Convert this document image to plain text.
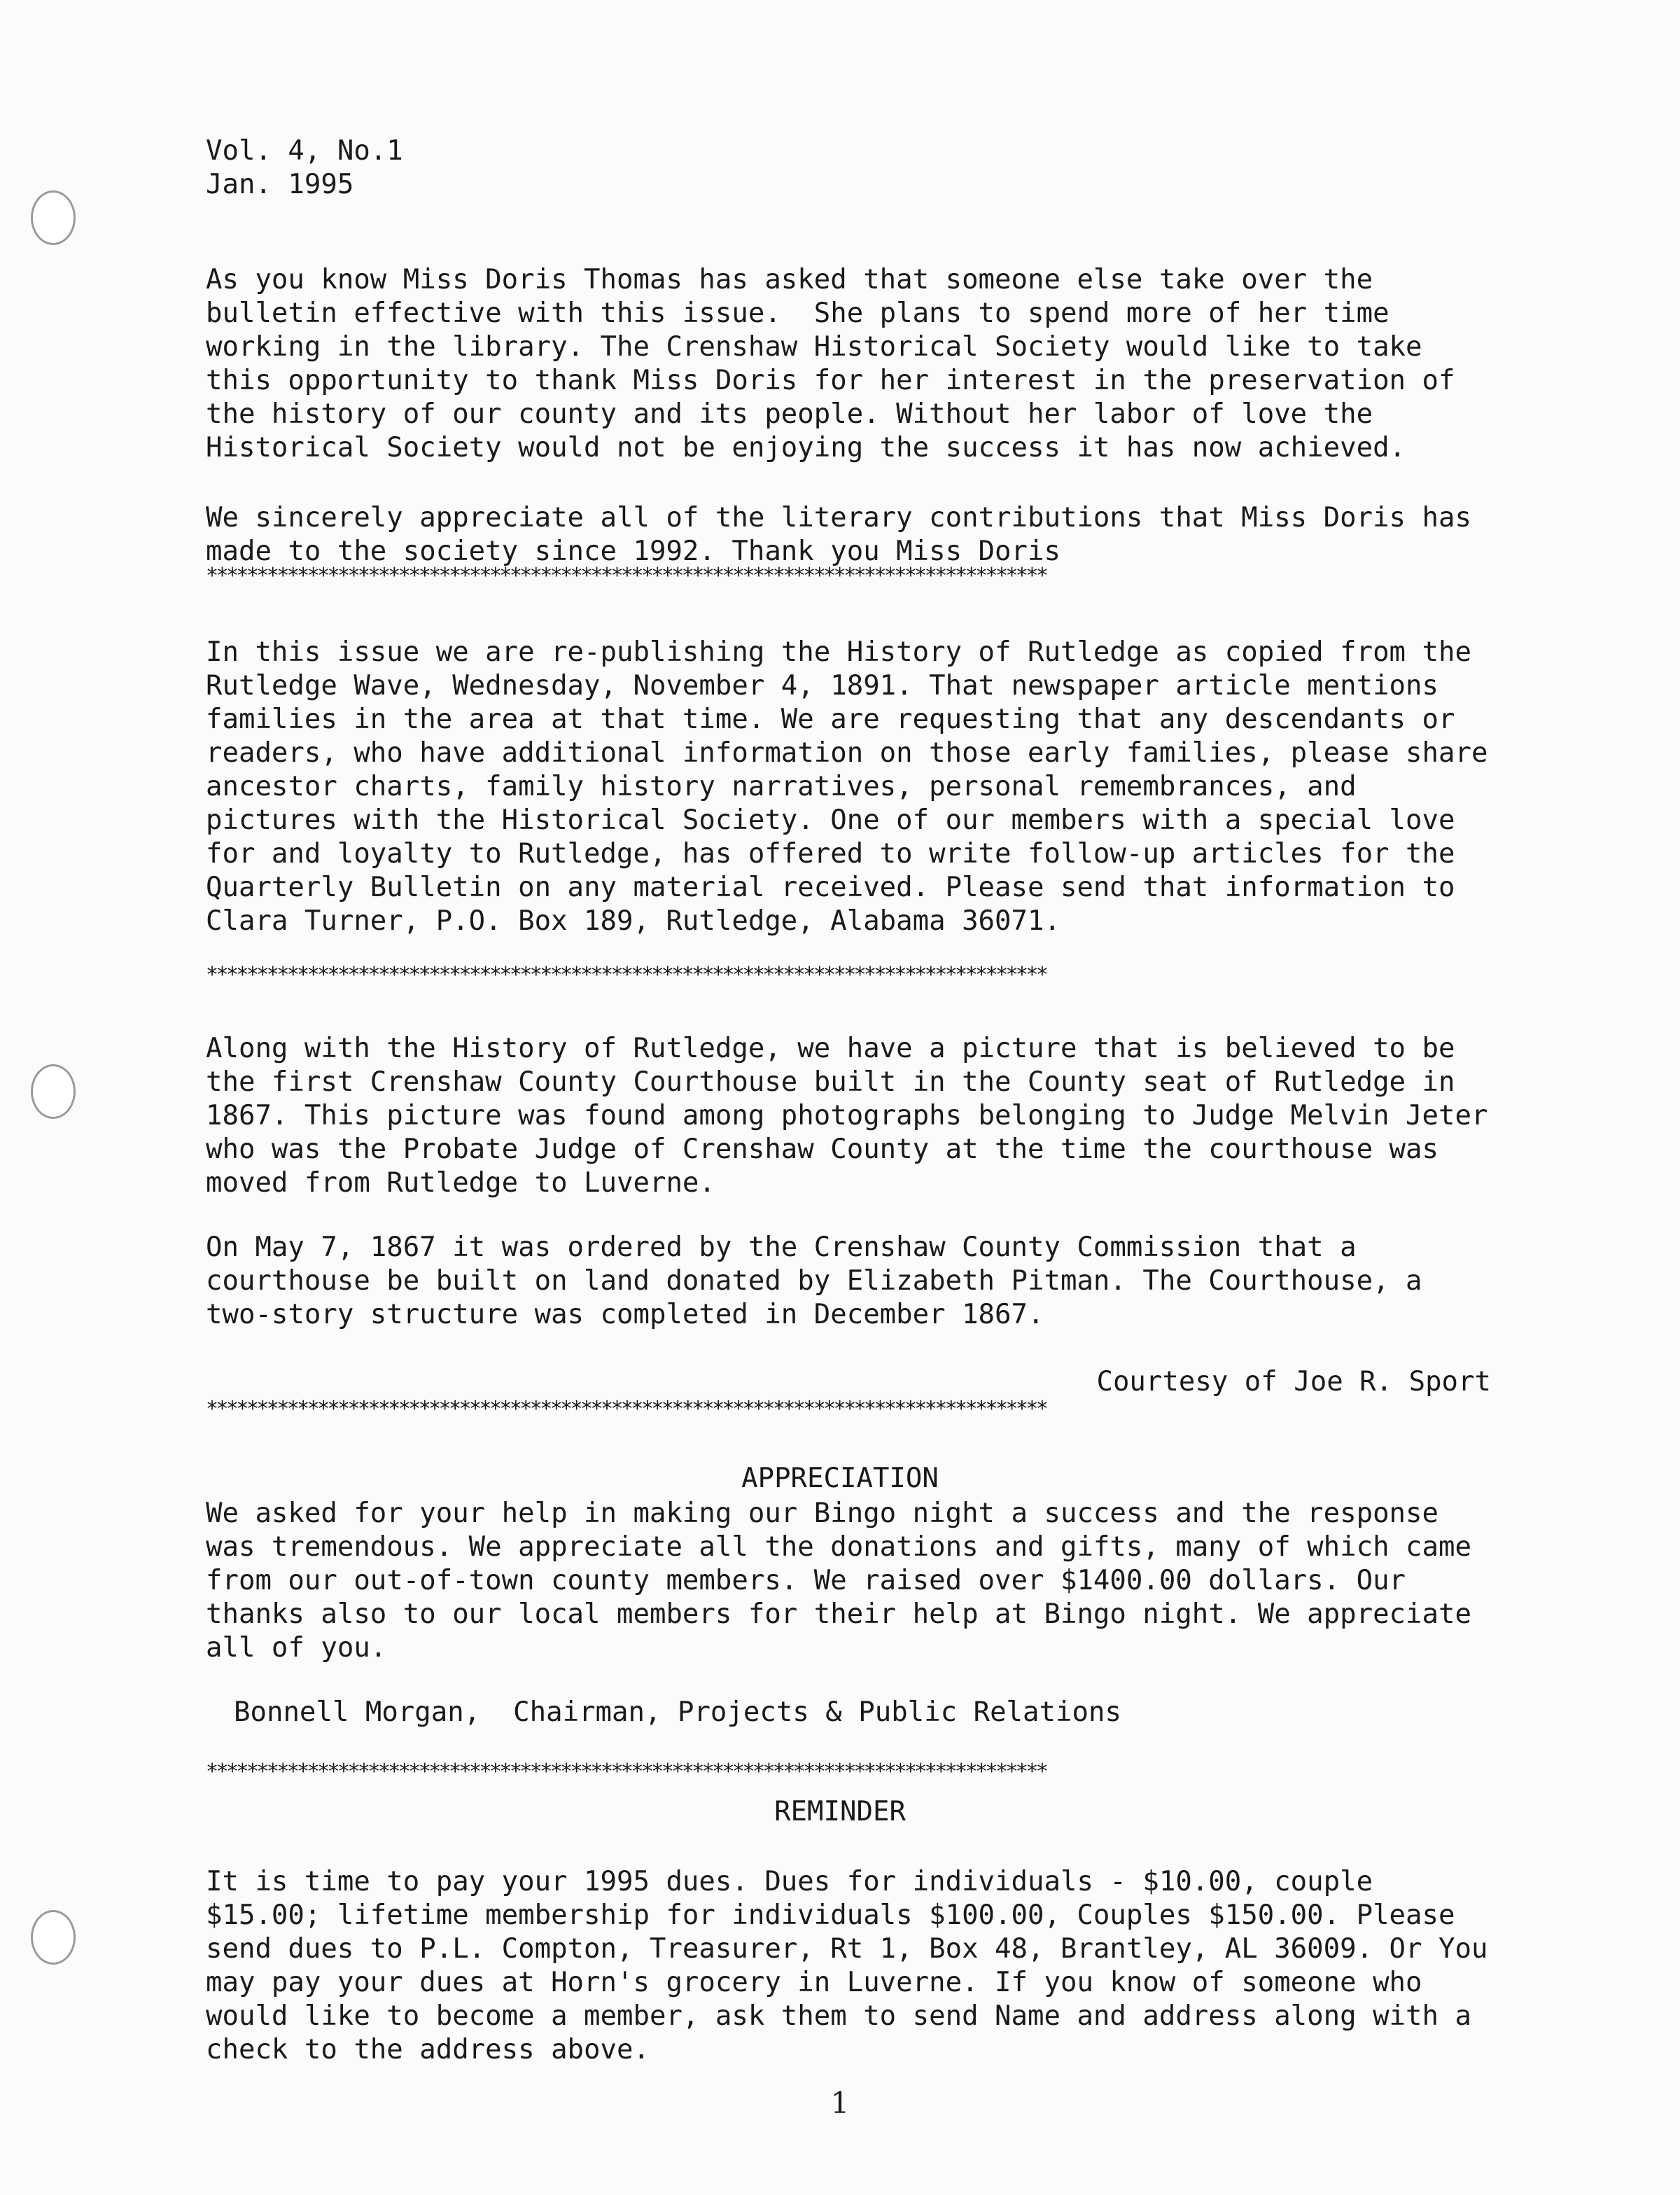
Vol. 4, No.1
Jan. 1995
As you know Miss Doris Thomas has asked that someone else take over the
bulletin effective with this issue.  She plans to spend more of her time
working in the library. The Crenshaw Historical Society would like to take
this opportunity to thank Miss Doris for her interest in the preservation of
the history of our county and its people. Without her labor of love the
Historical Society would not be enjoying the success it has now achieved.
We sincerely appreciate all of the literary contributions that Miss Doris has
made to the society since 1992. Thank you Miss Doris
***********************************************************************************
In this issue we are re-publishing the History of Rutledge as copied from the
Rutledge Wave, Wednesday, November 4, 1891. That newspaper article mentions
families in the area at that time. We are requesting that any descendants or
readers, who have additional information on those early families, please share
ancestor charts, family history narratives, personal remembrances, and
pictures with the Historical Society. One of our members with a special love
for and loyalty to Rutledge, has offered to write follow-up articles for the
Quarterly Bulletin on any material received. Please send that information to
Clara Turner, P.O. Box 189, Rutledge, Alabama 36071.
***********************************************************************************
Along with the History of Rutledge, we have a picture that is believed to be
the first Crenshaw County Courthouse built in the County seat of Rutledge in
1867. This picture was found among photographs belonging to Judge Melvin Jeter
who was the Probate Judge of Crenshaw County at the time the courthouse was
moved from Rutledge to Luverne.
On May 7, 1867 it was ordered by the Crenshaw County Commission that a
courthouse be built on land donated by Elizabeth Pitman. The Courthouse, a
two-story structure was completed in December 1867.
Courtesy of Joe R. Sport
***********************************************************************************
APPRECIATION
We asked for your help in making our Bingo night a success and the response
was tremendous. We appreciate all the donations and gifts, many of which came
from our out-of-town county members. We raised over $1400.00 dollars. Our
thanks also to our local members for their help at Bingo night. We appreciate
all of you.
Bonnell Morgan,  Chairman, Projects & Public Relations
***********************************************************************************
REMINDER
It is time to pay your 1995 dues. Dues for individuals - $10.00, couple
$15.00; lifetime membership for individuals $100.00, Couples $150.00. Please
send dues to P.L. Compton, Treasurer, Rt 1, Box 48, Brantley, AL 36009. Or You
may pay your dues at Horn's grocery in Luverne. If you know of someone who
would like to become a member, ask them to send Name and address along with a
check to the address above.
1
